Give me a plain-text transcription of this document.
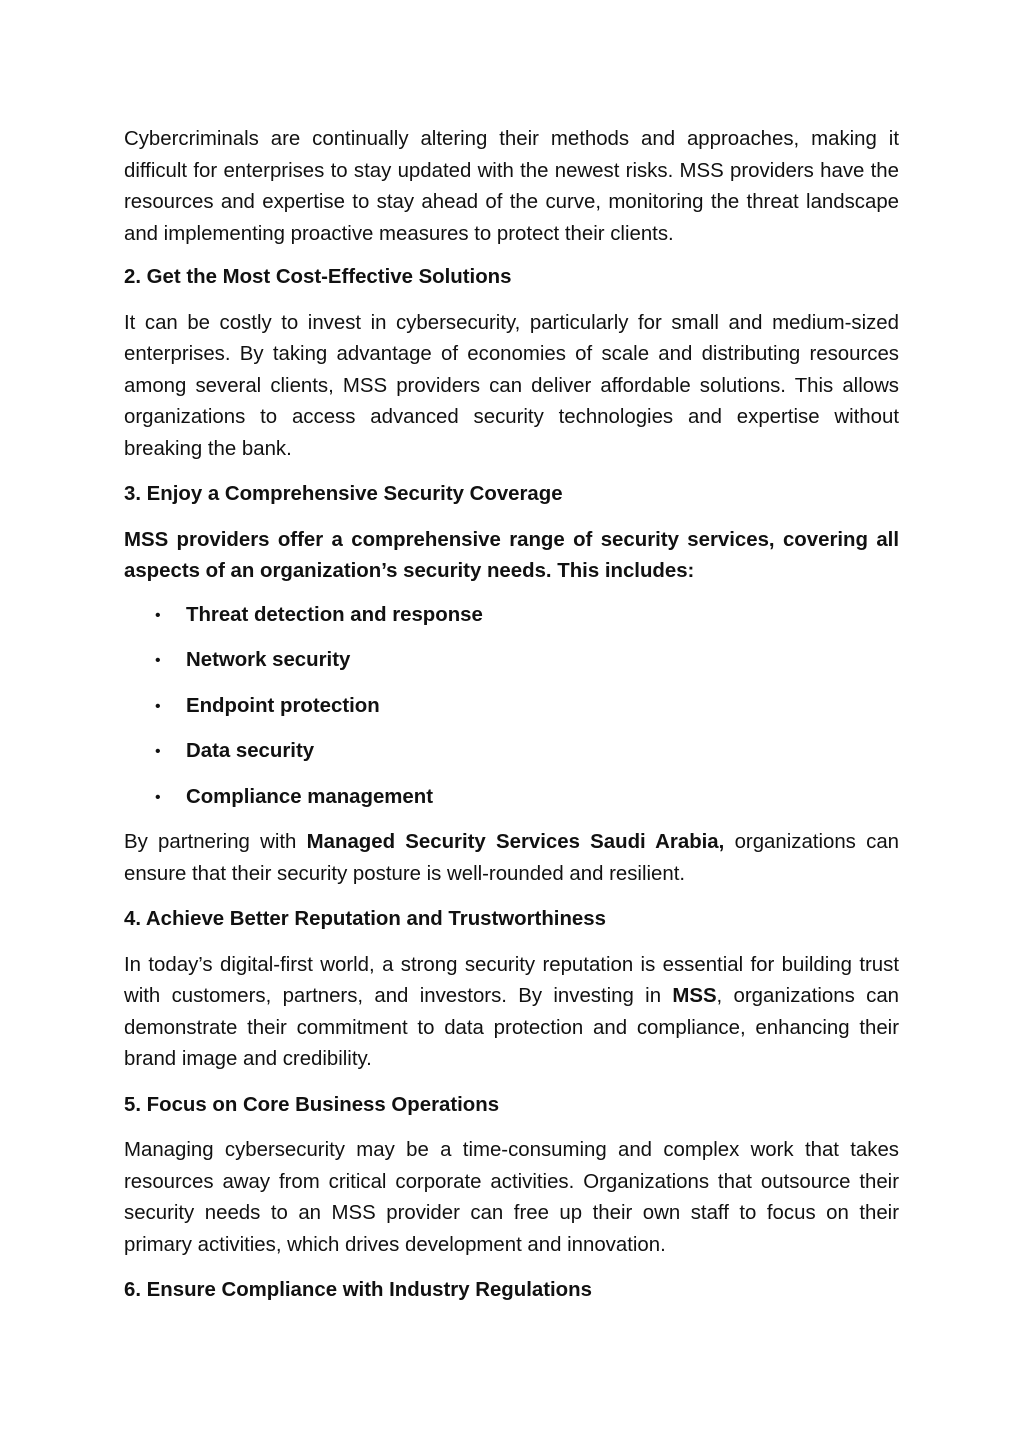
Cybercriminals are continually altering their methods and approaches, making it difficult for enterprises to stay updated with the newest risks. MSS providers have the resources and expertise to stay ahead of the curve, monitoring the threat landscape and implementing proactive measures to protect their clients.

2. Get the Most Cost-Effective Solutions

It can be costly to invest in cybersecurity, particularly for small and medium-sized enterprises. By taking advantage of economies of scale and distributing resources among several clients, MSS providers can deliver affordable solutions. This allows organizations to access advanced security technologies and expertise without breaking the bank.

3. Enjoy a Comprehensive Security Coverage

MSS providers offer a comprehensive range of security services, covering all aspects of an organization’s security needs. This includes:

• Threat detection and response
• Network security
• Endpoint protection
• Data security
• Compliance management

By partnering with Managed Security Services Saudi Arabia, organizations can ensure that their security posture is well-rounded and resilient.

4. Achieve Better Reputation and Trustworthiness

In today’s digital-first world, a strong security reputation is essential for building trust with customers, partners, and investors. By investing in MSS, organizations can demonstrate their commitment to data protection and compliance, enhancing their brand image and credibility.

5. Focus on Core Business Operations

Managing cybersecurity may be a time-consuming and complex work that takes resources away from critical corporate activities. Organizations that outsource their security needs to an MSS provider can free up their own staff to focus on their primary activities, which drives development and innovation.

6. Ensure Compliance with Industry Regulations
